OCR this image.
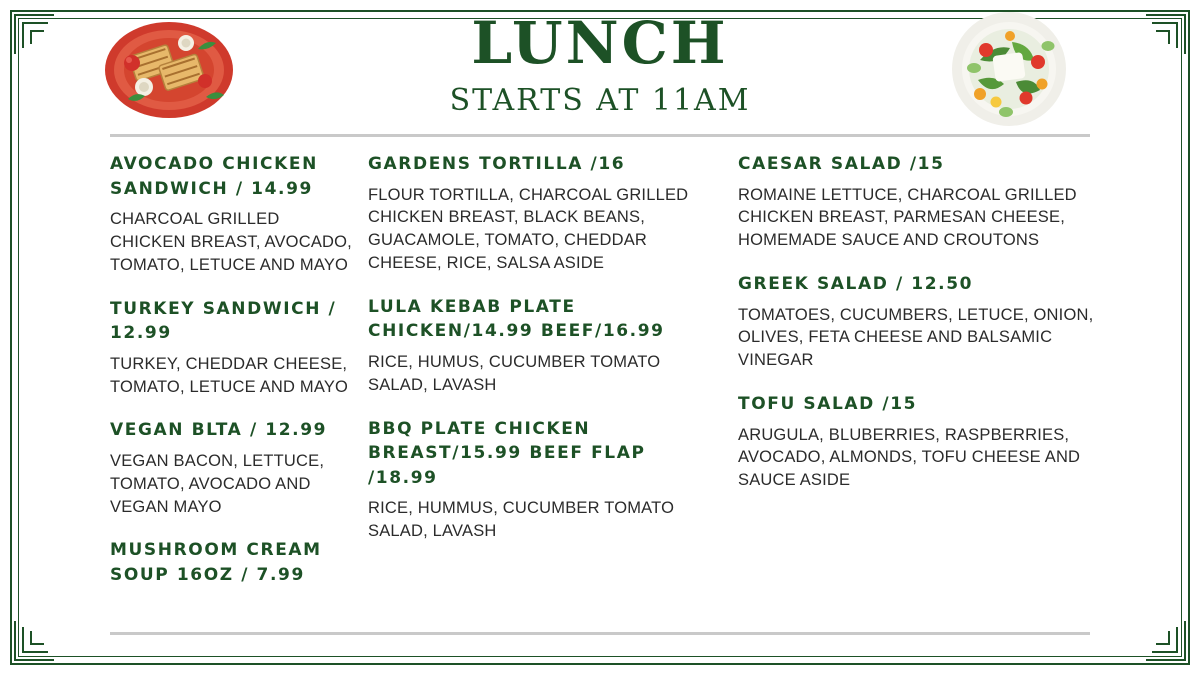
LUNCH
STARTS AT 11AM
AVOCADO CHICKEN SANDWICH / 14.99
CHARCOAL GRILLED CHICKEN BREAST, AVOCADO, TOMATO, LETUCE AND MAYO
TURKEY SANDWICH / 12.99
TURKEY, CHEDDAR CHEESE, TOMATO, LETUCE AND MAYO
VEGAN BLTA / 12.99
VEGAN BACON, LETTUCE, TOMATO, AVOCADO AND VEGAN MAYO
MUSHROOM CREAM SOUP 16OZ / 7.99
GARDENS TORTILLA /16
FLOUR TORTILLA, CHARCOAL GRILLED CHICKEN BREAST, BLACK BEANS, GUACAMOLE, TOMATO, CHEDDAR CHEESE, RICE, SALSA ASIDE
LULA KEBAB PLATE CHICKEN/14.99 BEEF/16.99
RICE, HUMUS, CUCUMBER TOMATO SALAD, LAVASH
BBQ PLATE CHICKEN BREAST/15.99 BEEF FLAP /18.99
RICE, HUMMUS, CUCUMBER TOMATO SALAD, LAVASH
CAESAR SALAD /15
ROMAINE LETTUCE, CHARCOAL GRILLED CHICKEN BREAST, PARMESAN CHEESE, HOMEMADE SAUCE AND CROUTONS
GREEK SALAD / 12.50
TOMATOES, CUCUMBERS, LETUCE, ONION, OLIVES, FETA CHEESE AND BALSAMIC VINEGAR
TOFU SALAD /15
ARUGULA, BLUBERRIES, RASPBERRIES, AVOCADO, ALMONDS, TOFU CHEESE AND SAUCE ASIDE
